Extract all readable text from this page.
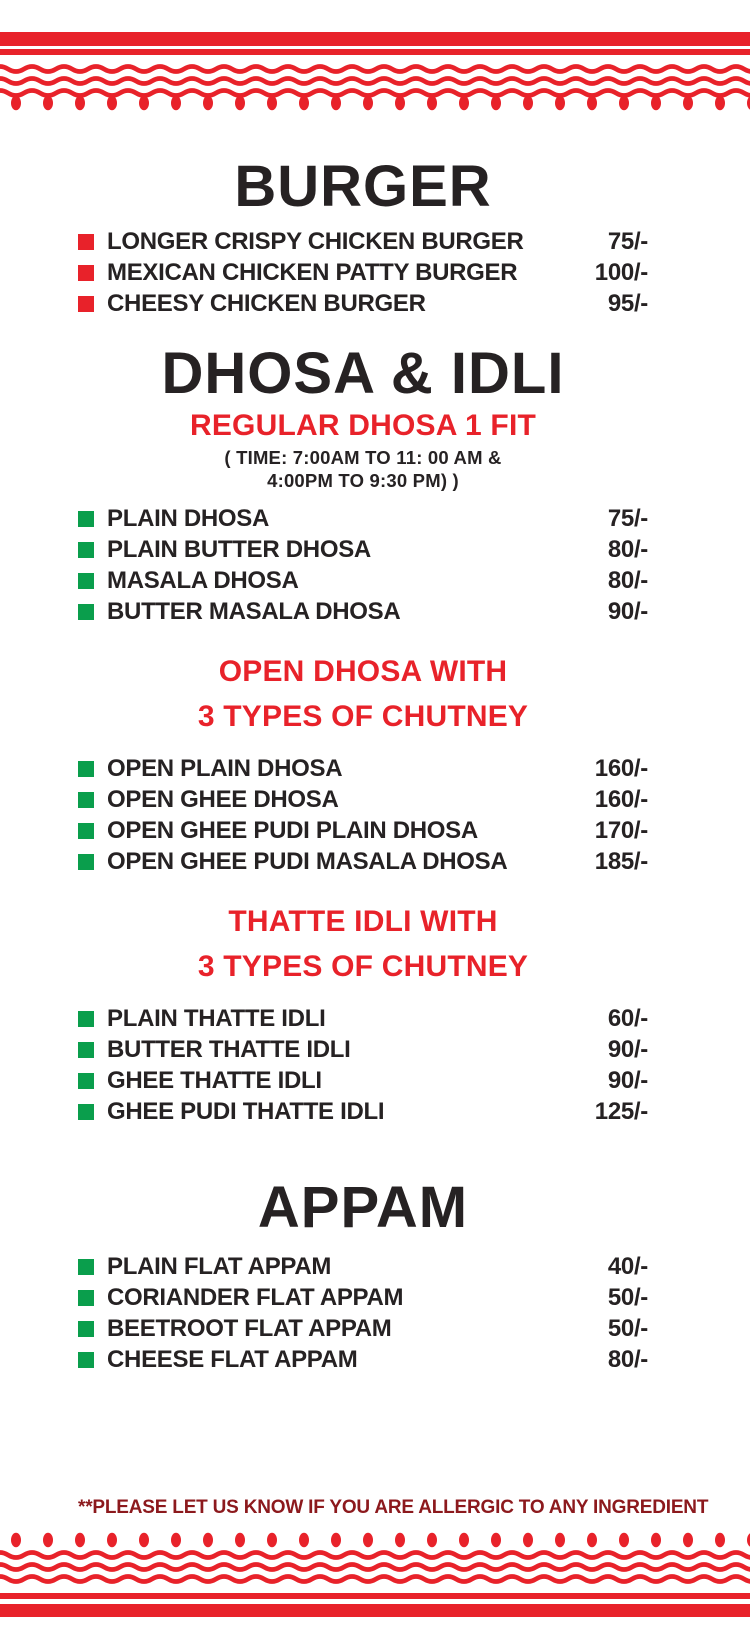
BURGER
LONGER CRISPY CHICKEN BURGER	75/-
MEXICAN CHICKEN PATTY BURGER	100/-
CHEESY CHICKEN BURGER	95/-
DHOSA & IDLI
REGULAR DHOSA 1 FIT
( TIME: 7:00AM TO 11: 00 AM &
4:00PM TO 9:30 PM) )
PLAIN DHOSA	75/-
PLAIN BUTTER DHOSA	80/-
MASALA DHOSA	80/-
BUTTER MASALA DHOSA	90/-
OPEN DHOSA WITH
3 TYPES OF CHUTNEY
OPEN PLAIN DHOSA	160/-
OPEN GHEE DHOSA	160/-
OPEN GHEE PUDI PLAIN DHOSA	170/-
OPEN GHEE PUDI MASALA DHOSA	185/-
THATTE IDLI WITH
3 TYPES OF CHUTNEY
PLAIN THATTE IDLI	60/-
BUTTER THATTE IDLI	90/-
GHEE THATTE IDLI	90/-
GHEE PUDI THATTE IDLI	125/-
APPAM
PLAIN FLAT APPAM	40/-
CORIANDER FLAT APPAM	50/-
BEETROOT FLAT APPAM	50/-
CHEESE FLAT APPAM	80/-
**PLEASE LET US KNOW IF YOU ARE ALLERGIC TO ANY INGREDIENT
